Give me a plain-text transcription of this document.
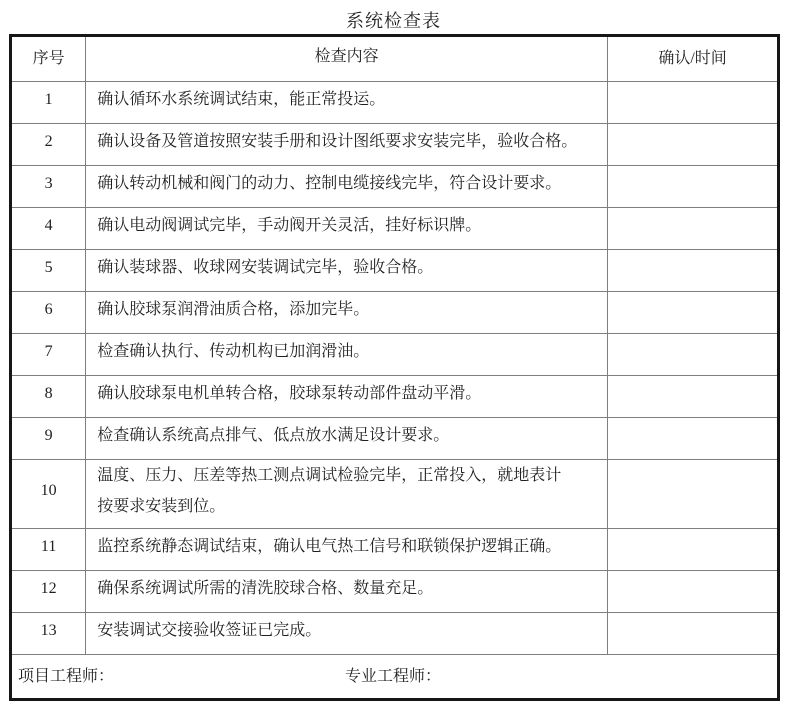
系统检查表
序号	检查内容	确认/时间
1	确认循环水系统调试结束，能正常投运。	

2	确认设备及管道按照安装手册和设计图纸要求安装完毕，验收合格。	

3	确认转动机械和阀门的动力、控制电缆接线完毕，符合设计要求。	

4	确认电动阀调试完毕，手动阀开关灵活，挂好标识牌。	

5	确认装球器、收球网安装调试完毕，验收合格。	

6	确认胶球泵润滑油质合格，添加完毕。	

7	检查确认执行、传动机构已加润滑油。	

8	确认胶球泵电机单转合格，胶球泵转动部件盘动平滑。	

9	检查确认系统高点排气、低点放水满足设计要求。	

10	温度、压力、压差等热工测点调试检验完毕，正常投入，就地表计按要求安装到位。	

11	监控系统静态调试结束，确认电气热工信号和联锁保护逻辑正确。	

12	确保系统调试所需的清洗胶球合格、数量充足。	

13	安装调试交接验收签证已完成。	

项目工程师： 专业工程师：		
